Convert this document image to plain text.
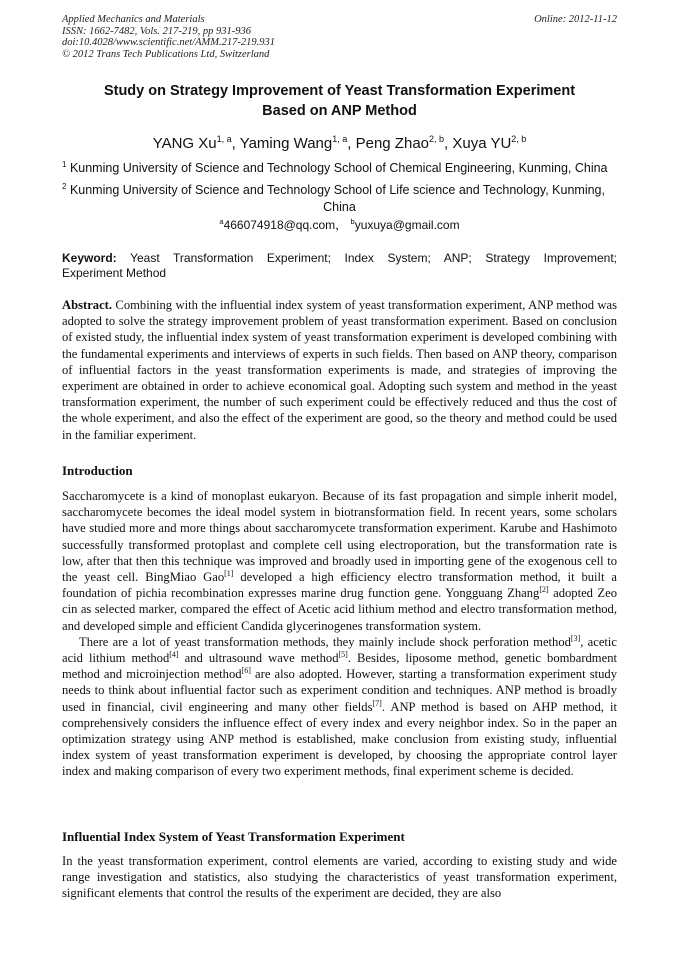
Applied Mechanics and Materials
ISSN: 1662-7482, Vols. 217-219, pp 931-936
doi:10.4028/www.scientific.net/AMM.217-219.931
© 2012 Trans Tech Publications Ltd, Switzerland
Online: 2012-11-12
Study on Strategy Improvement of Yeast Transformation Experiment
Based on ANP Method
YANG Xu$^{1, a}$, Yaming Wang$^{1, a}$, Peng Zhao$^{2, b}$, Xuya YU$^{2, b}$
$^1$ Kunming University of Science and Technology School of Chemical Engineering, Kunming, China
$^2$ Kunming University of Science and Technology School of Life science and Technology, Kunming,
China
$^a$466074918@qq.com， $^b$yuxuya@gmail.com
Keyword: Yeast Transformation Experiment; Index System; ANP; Strategy Improvement;
Experiment Method

Abstract. Combining with the influential index system of yeast transformation experiment, ANP method was adopted to solve the strategy improvement problem of yeast transformation experiment. Based on conclusion of existed study, the influential index system of yeast transformation experiment is developed combining with the fundamental experiments and interviews of experts in such fields. Then based on ANP theory, comparison of influential factors in the yeast transformation experiments is made, and strategies of improving the experiment are obtained in order to achieve economical goal. Adopting such system and method in the yeast transformation experiment, the number of such experiment could be effectively reduced and thus the cost of the whole experiment, and also the effect of the experiment are good, so the theory and method could be used in the familiar experiment.

Introduction

Saccharomycete is a kind of monoplast eukaryon. Because of its fast propagation and simple inherit model, saccharomycete becomes the ideal model system in biotransformation field. In recent years, some scholars have studied more and more things about saccharomycete transformation experiment. Karube and Hashimoto successfully transformed protoplast and complete cell using electroporation, but the transformation rate is low, after that then this technique was improved and broadly used in importing gene of the exogenous cell to the yeast cell. BingMiao Gao[1] developed a high efficiency electro transformation method, it built a foundation of pichia recombination expresses marine drug function gene. Yongguang Zhang[2] adopted Zeo cin as selected marker, compared the effect of Acetic acid lithium method and electro transformation method, and developed simple and efficient Candida glycerinogenes transformation system.

There are a lot of yeast transformation methods, they mainly include shock perforation method[3], acetic acid lithium method[4] and ultrasound wave method[5]. Besides, liposome method, genetic bombardment method and microinjection method[6] are also adopted. However, starting a transformation experiment study needs to think about influential factor such as experiment condition and techniques. ANP method is broadly used in financial, civil engineering and many other fields[7]. ANP method is based on AHP method, it comprehensively considers the influence effect of every index and every neighbor index. So in the paper an optimization strategy using ANP method is established, make conclusion from existing study, influential index system of yeast transformation experiment is developed, by choosing the appropriate control layer index and making comparison of every two experiment methods, final experiment scheme is decided.

Influential Index System of Yeast Transformation Experiment

In the yeast transformation experiment, control elements are varied, according to existing study and wide range investigation and statistics, also studying the characteristics of yeast transformation experiment, significant elements that control the results of the experiment are decided, they are also
